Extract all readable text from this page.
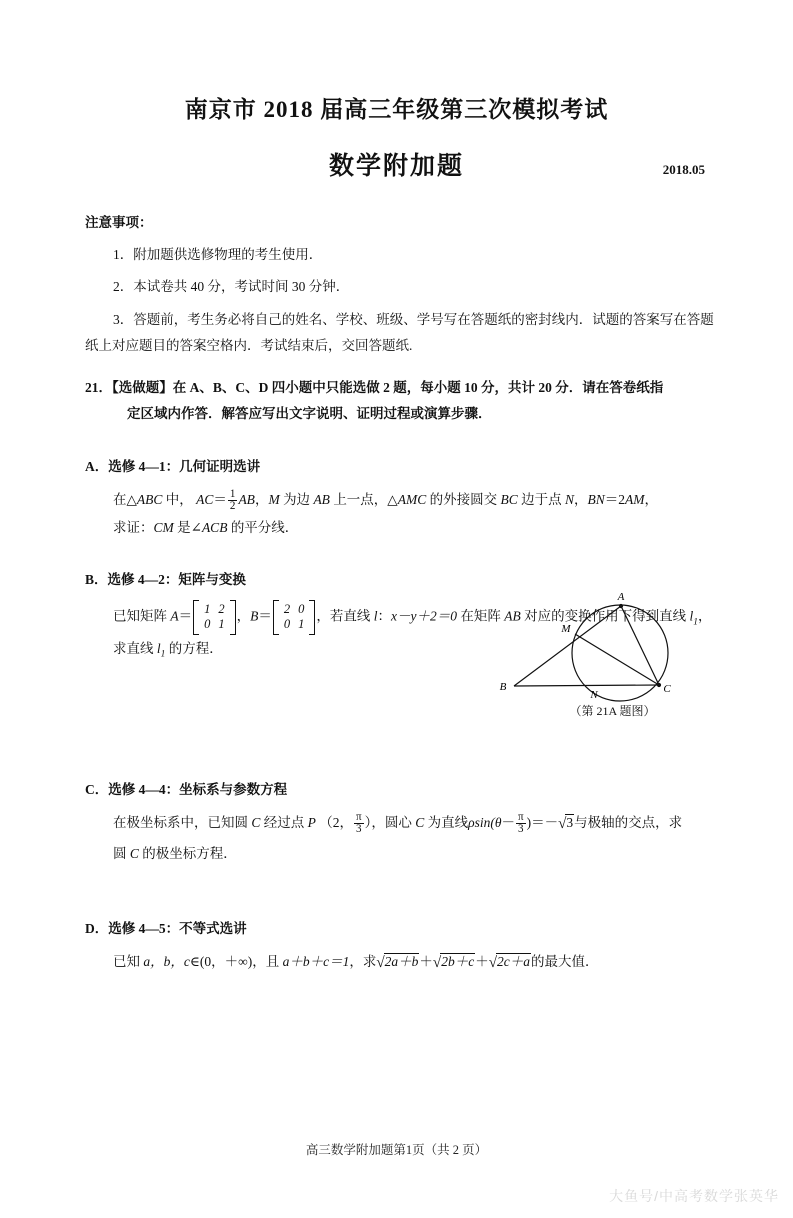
南京市 2018 届高三年级第三次模拟考试
数学附加题	2018.05
注意事项：
1．附加题供选修物理的考生使用．
2．本试卷共 40 分，考试时间 30 分钟．
3．答题前，考生务必将自己的姓名、学校、班级、学号写在答题纸的密封线内．试题的答案写在答题纸上对应题目的答案空格内．考试结束后，交回答题纸.
21．【选做题】在 A、B、C、D 四小题中只能选做 2 题，每小题 10 分，共计 20 分．请在答卷纸指
定区域内作答．解答应写出文字说明、证明过程或演算步骤．
A．选修 4—1：几何证明选讲
在△ABC 中， $AC= \frac{1}{2}$ AB，M 为边 AB 上一点，△AMC 的外接圆交 BC 边于点 N，BN＝2AM，
求证：CM 是∠ACB 的平分线．
B．选修 4—2：矩阵与变换
已知矩阵 A＝ 1	2
0	1
，B＝ 2	0
0	1
，若直线 l：x－y＋2＝0 在矩阵 AB 对应的变换作用下得到直线 $l_1$，
求直线 $l_1$ 的方程．
C．选修 4—4：坐标系与参数方程
在极坐标系中，已知圆 C 经过点 P （2， $\frac{\pi}{3}$ ），圆心 C 为直线$\rho\sin(\theta- \frac{\pi}{3} )=-√3$与极轴的交点，求
圆 C 的极坐标方程．
D．选修 4—5：不等式选讲
已知 a，b，c∈(0，＋∞)，且 a＋b＋c＝1，求√2a＋b＋√2b＋c＋√2c＋a的最大值．
A
B	C
M
N
（第 21A 题图）
高三数学附加题第1页（共 2 页）
大鱼号/中高考数学张英华
